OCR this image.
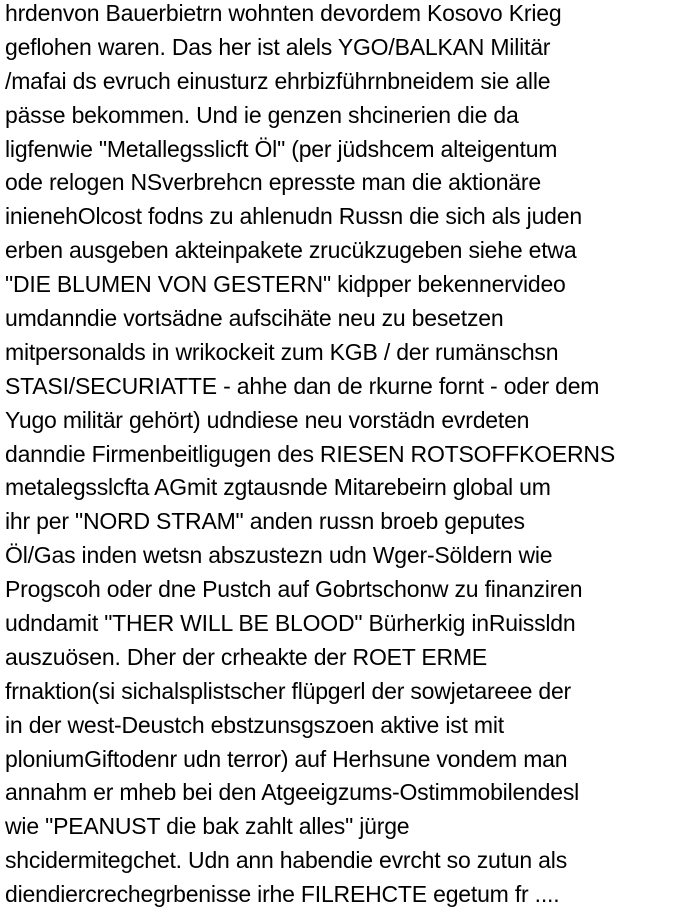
hrdenvon Bauerbietrn wohnten devordem Kosovo Krieg
geflohen waren. Das her ist alels YGO/BALKAN Militär
/mafai ds evruch einusturz ehrbizführnbneidem sie alle
pässe bekommen. Und ie genzen shcinerien die da
ligfenwie "Metallegsslicft Öl" (per jüdshcem alteigentum
ode relogen NSverbrehcn epresste man die aktionäre
inienehOlcost fodns zu ahlenudn Russn die sich als juden
erben ausgeben akteinpakete zrucükzugeben siehe etwa
"DIE BLUMEN VON GESTERN" kidpper bekennervideo
umdanndie vortsädne aufscihäte neu zu besetzen
mitpersonalds in wrikockeit zum KGB / der rumänschsn
STASI/SECURIATTE - ahhe dan de rkurne fornt - oder dem
Yugo militär gehört) udndiese neu vorstädn evrdeten
danndie Firmenbeitligugen des RIESEN ROTSOFFKOERNS
metalegsslcfta AGmit zgtausnde Mitarebeirn global um
ihr per "NORD STRAM" anden russn broeb geputes
Öl/Gas inden wetsn abszustezn udn Wger-Söldern wie
Progscoh oder dne Pustch auf Gobrtschonw zu finanziren
udndamit "THER WILL BE BLOOD" Bürherkig inRuissldn
auszuösen. Dher der crheakte der ROET ERME
frnaktion(si sichalsplistscher flüpgerl der sowjetareee der
in der west-Deustch ebstzunsgszoen aktive ist mit
ploniumGiftodenr udn terror) auf Herhsune vondem man
annahm er mheb bei den Atgeeigzums-Ostimmobilendesl
wie "PEANUST die bak zahlt alles" jürge
shcidermitegchet. Udn ann habendie evrcht so zutun als
diendiercrechegrbenisse irhe FILREHCTE egetum fr ....
